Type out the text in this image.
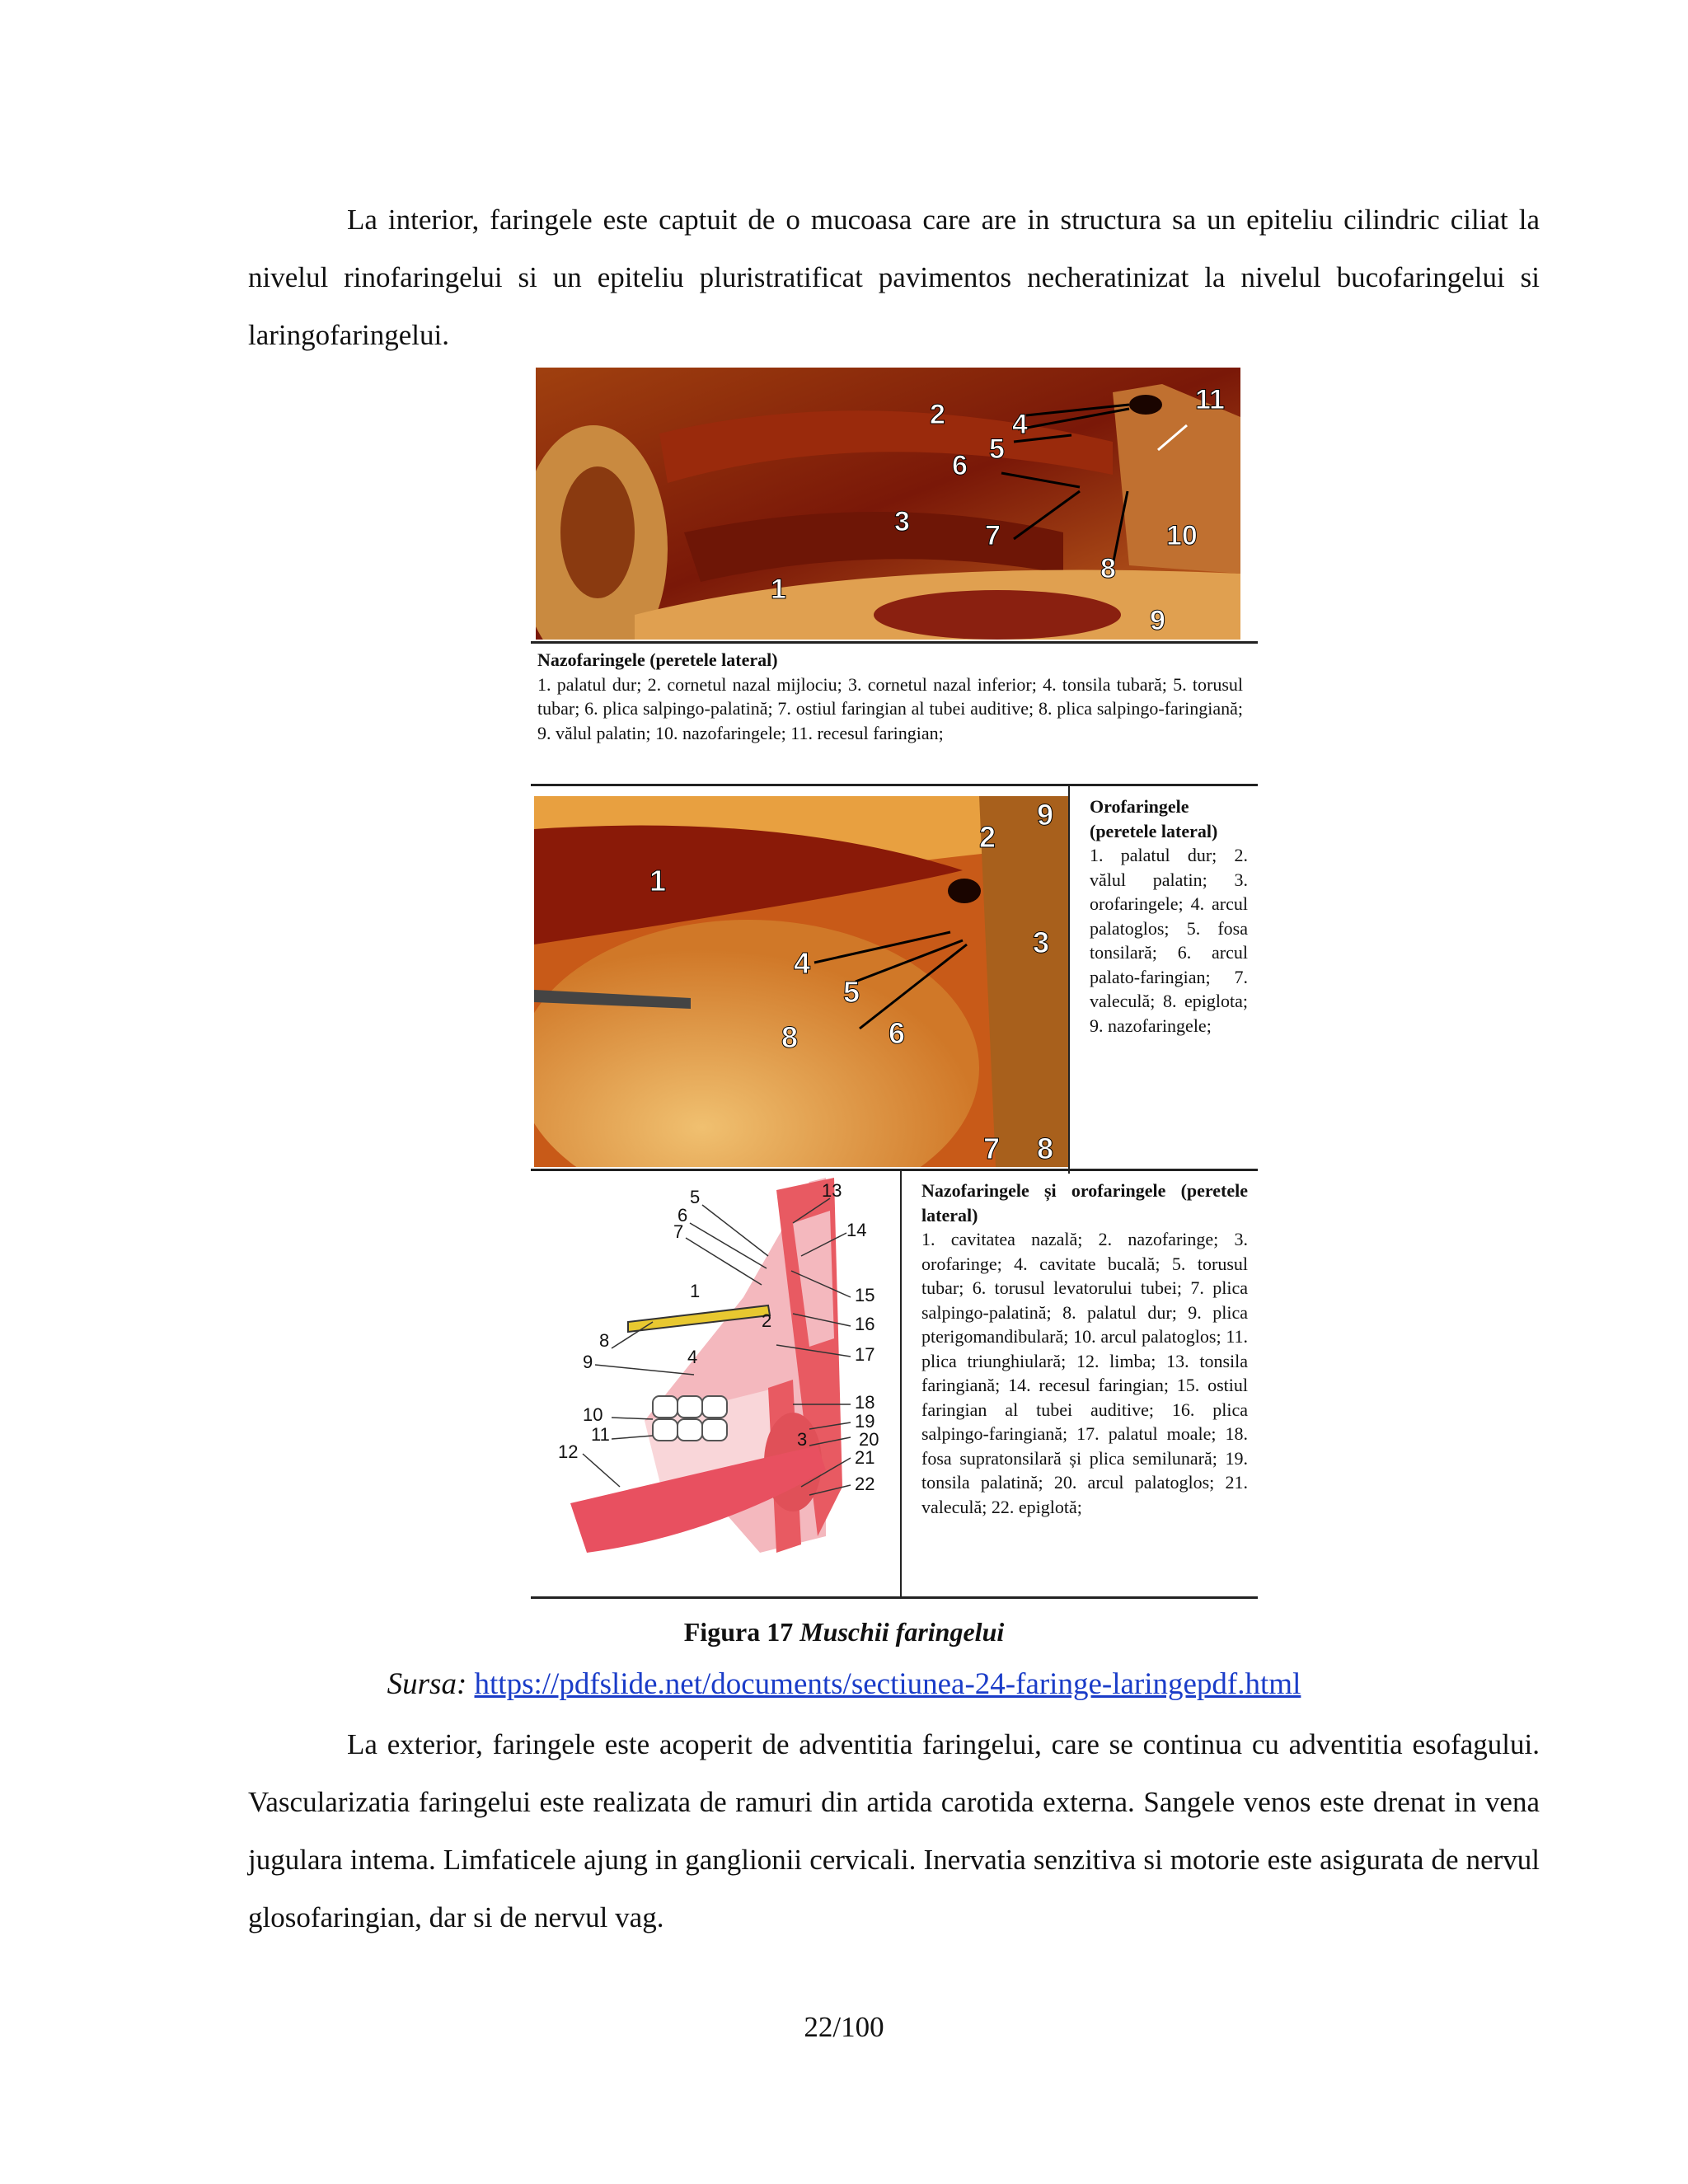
La interior, faringele este captuit de o mucoasa care are in structura sa un epiteliu cilindric ciliat la nivelul rinofaringelui si un epiteliu pluristratificat pavimentos necheratinizat la nivelul bucofaringelui si laringofaringelui.

2 4
5
6
3	7
1
8
10
9
11
Nazofaringele (peretele lateral)
1. palatul dur; 2. cornetul nazal mijlociu; 3. cornetul nazal inferior; 4. tonsila tubară; 5. torusul tubar; 6. plica salpingo-palatină; 7. ostiul faringian al tubei auditive; 8. plica salpingo-faringiană; 9. vălul palatin; 10. nazofaringele; 11. recesul faringian;
1
2
3
4
5
6
8
9
7 8
Orofaringele (peretele lateral)
1. palatul dur; 2. vălul palatin; 3. orofaringele; 4. arcul palatoglos; 5. fosa tonsilară; 6. arcul palato-faringian; 7. valeculă; 8. epiglota; 9. nazofaringele;
5
6
7
13
14
1
2
15
16
17
8
9	4
10
11
12
18
19
20
21
22
3
Nazofaringele și orofaringele (peretele lateral)
1. cavitatea nazală; 2. nazofaringe; 3. orofaringe; 4. cavitate bucală; 5. torusul tubar; 6. torusul levatorului tubei; 7. plica salpingo-palatină; 8. palatul dur; 9. plica pterigomandibulară; 10. arcul palatoglos; 11. plica triunghiulară; 12. limba; 13. tonsila faringiană; 14. recesul faringian; 15. ostiul faringian al tubei auditive; 16. plica salpingo-faringiană; 17. palatul moale; 18. fosa supratonsilară și plica semilunară; 19. tonsila palatină; 20. arcul palatoglos; 21. valeculă; 22. epiglotă;
Figura 17 Muschii faringelui
Sursa: https://pdfslide.net/documents/sectiunea-24-faringe-laringepdf.html

La exterior, faringele este acoperit de adventitia faringelui, care se continua cu adventitia esofagului. Vascularizatia faringelui este realizata de ramuri din artida carotida externa. Sangele venos este drenat in vena jugulara intema. Limfaticele ajung in ganglionii cervicali. Inervatia senzitiva si motorie este asigurata de nervul glosofaringian, dar si de nervul vag.

22/100
